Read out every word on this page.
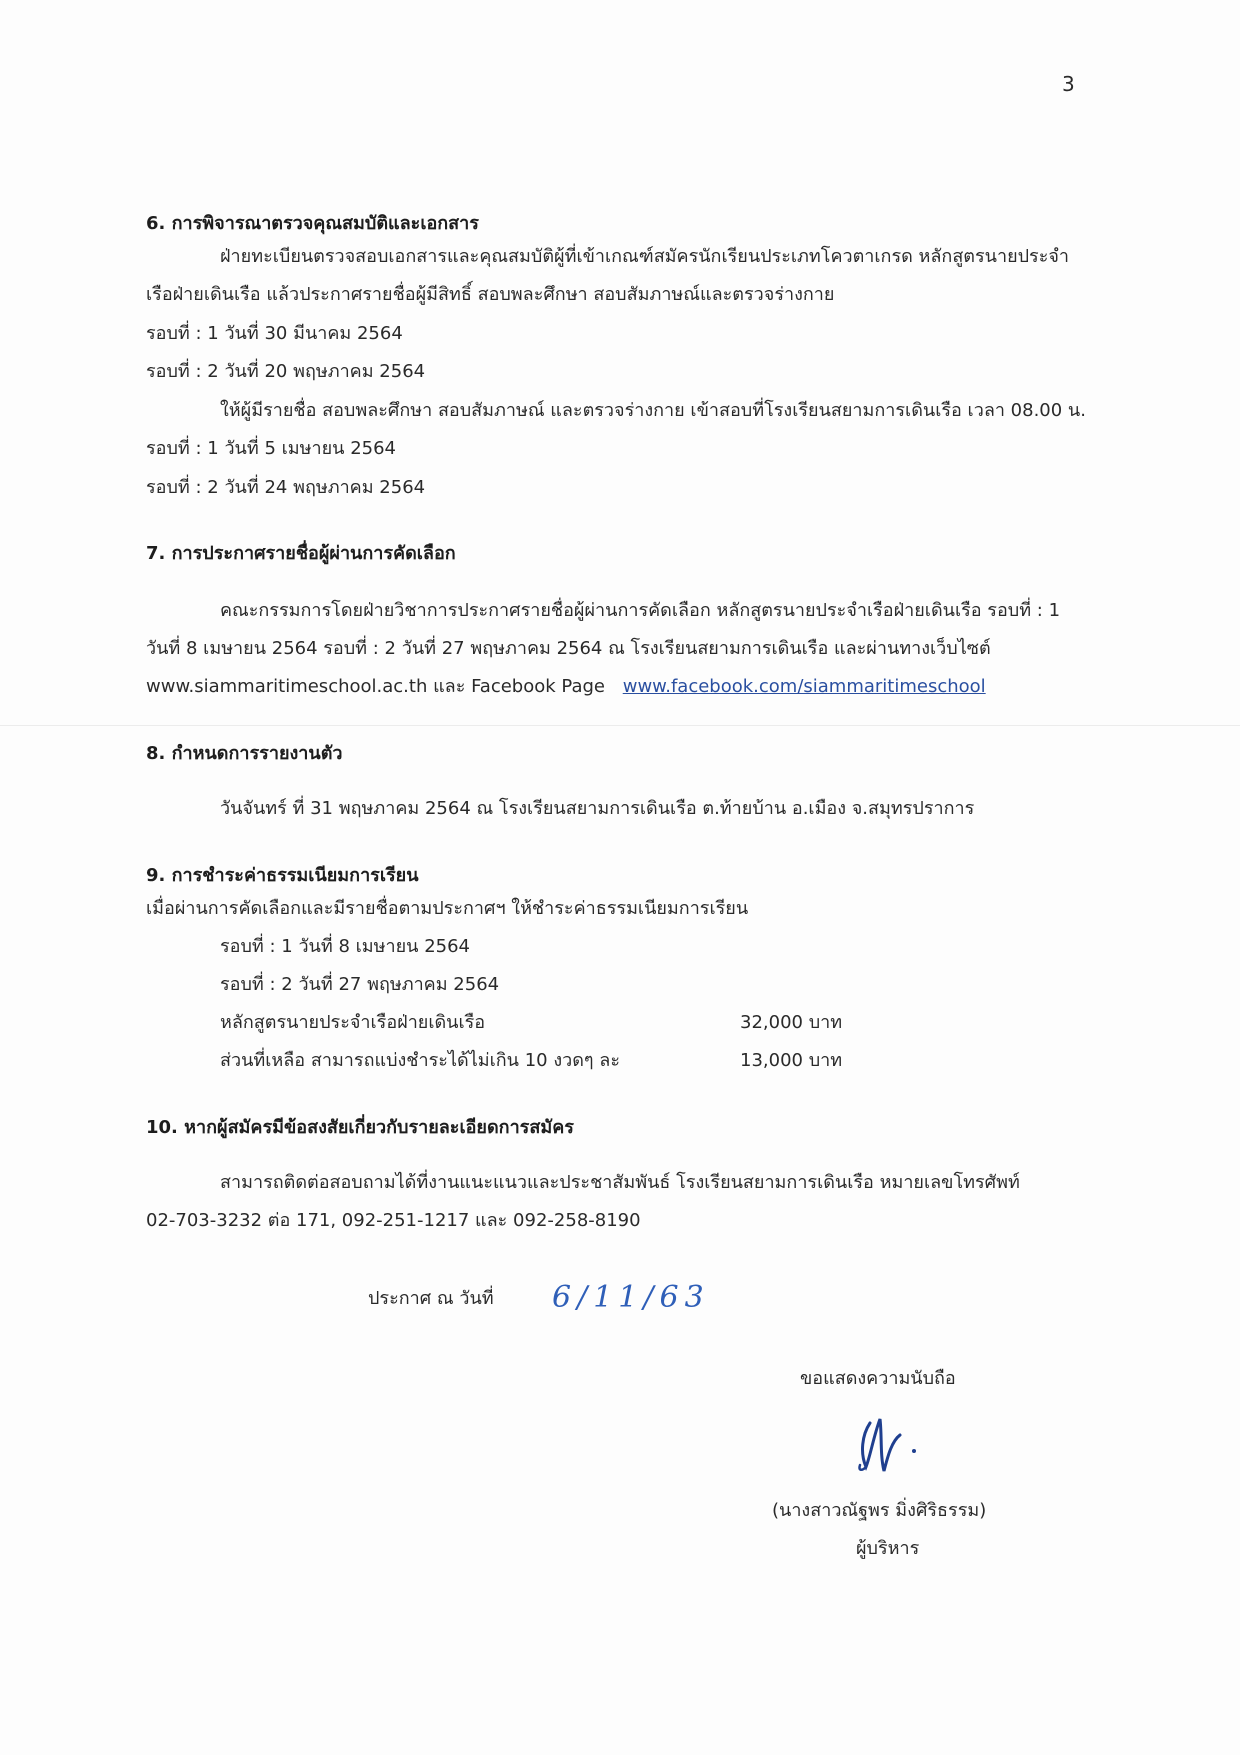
3
6. การพิจารณาตรวจคุณสมบัติและเอกสาร
ฝ่ายทะเบียนตรวจสอบเอกสารและคุณสมบัติผู้ที่เข้าเกณฑ์สมัครนักเรียนประเภทโควตาเกรด หลักสูตรนายประจำ
เรือฝ่ายเดินเรือ แล้วประกาศรายชื่อผู้มีสิทธิ์ สอบพละศึกษา สอบสัมภาษณ์และตรวจร่างกาย
รอบที่ : 1 วันที่ 30 มีนาคม 2564
รอบที่ : 2 วันที่ 20 พฤษภาคม 2564
ให้ผู้มีรายชื่อ สอบพละศึกษา สอบสัมภาษณ์ และตรวจร่างกาย เข้าสอบที่โรงเรียนสยามการเดินเรือ เวลา 08.00 น.
รอบที่ : 1 วันที่ 5 เมษายน 2564
รอบที่ : 2 วันที่ 24 พฤษภาคม 2564
7. การประกาศรายชื่อผู้ผ่านการคัดเลือก
คณะกรรมการโดยฝ่ายวิชาการประกาศรายชื่อผู้ผ่านการคัดเลือก หลักสูตรนายประจำเรือฝ่ายเดินเรือ รอบที่ : 1
วันที่ 8 เมษายน 2564 รอบที่ : 2 วันที่ 27 พฤษภาคม 2564 ณ โรงเรียนสยามการเดินเรือ และผ่านทางเว็บไซต์
www.siammaritimeschool.ac.th และ Facebook Page www.facebook.com/siammaritimeschool
8. กำหนดการรายงานตัว
วันจันทร์ ที่ 31 พฤษภาคม 2564 ณ โรงเรียนสยามการเดินเรือ ต.ท้ายบ้าน อ.เมือง จ.สมุทรปราการ
9. การชำระค่าธรรมเนียมการเรียน
เมื่อผ่านการคัดเลือกและมีรายชื่อตามประกาศฯ ให้ชำระค่าธรรมเนียมการเรียน
รอบที่ : 1 วันที่ 8 เมษายน 2564
รอบที่ : 2 วันที่ 27 พฤษภาคม 2564
หลักสูตรนายประจำเรือฝ่ายเดินเรือ	32,000 บาท
ส่วนที่เหลือ สามารถแบ่งชำระได้ไม่เกิน 10 งวดๆ ละ	13,000 บาท
10. หากผู้สมัครมีข้อสงสัยเกี่ยวกับรายละเอียดการสมัคร
สามารถติดต่อสอบถามได้ที่งานแนะแนวและประชาสัมพันธ์ โรงเรียนสยามการเดินเรือ หมายเลขโทรศัพท์
02-703-3232 ต่อ 171, 092-251-1217 และ 092-258-8190
ประกาศ ณ วันที่ 6/11/63
ขอแสดงความนับถือ
(นางสาวณัฐพร มิ่งศิริธรรม)
ผู้บริหาร
